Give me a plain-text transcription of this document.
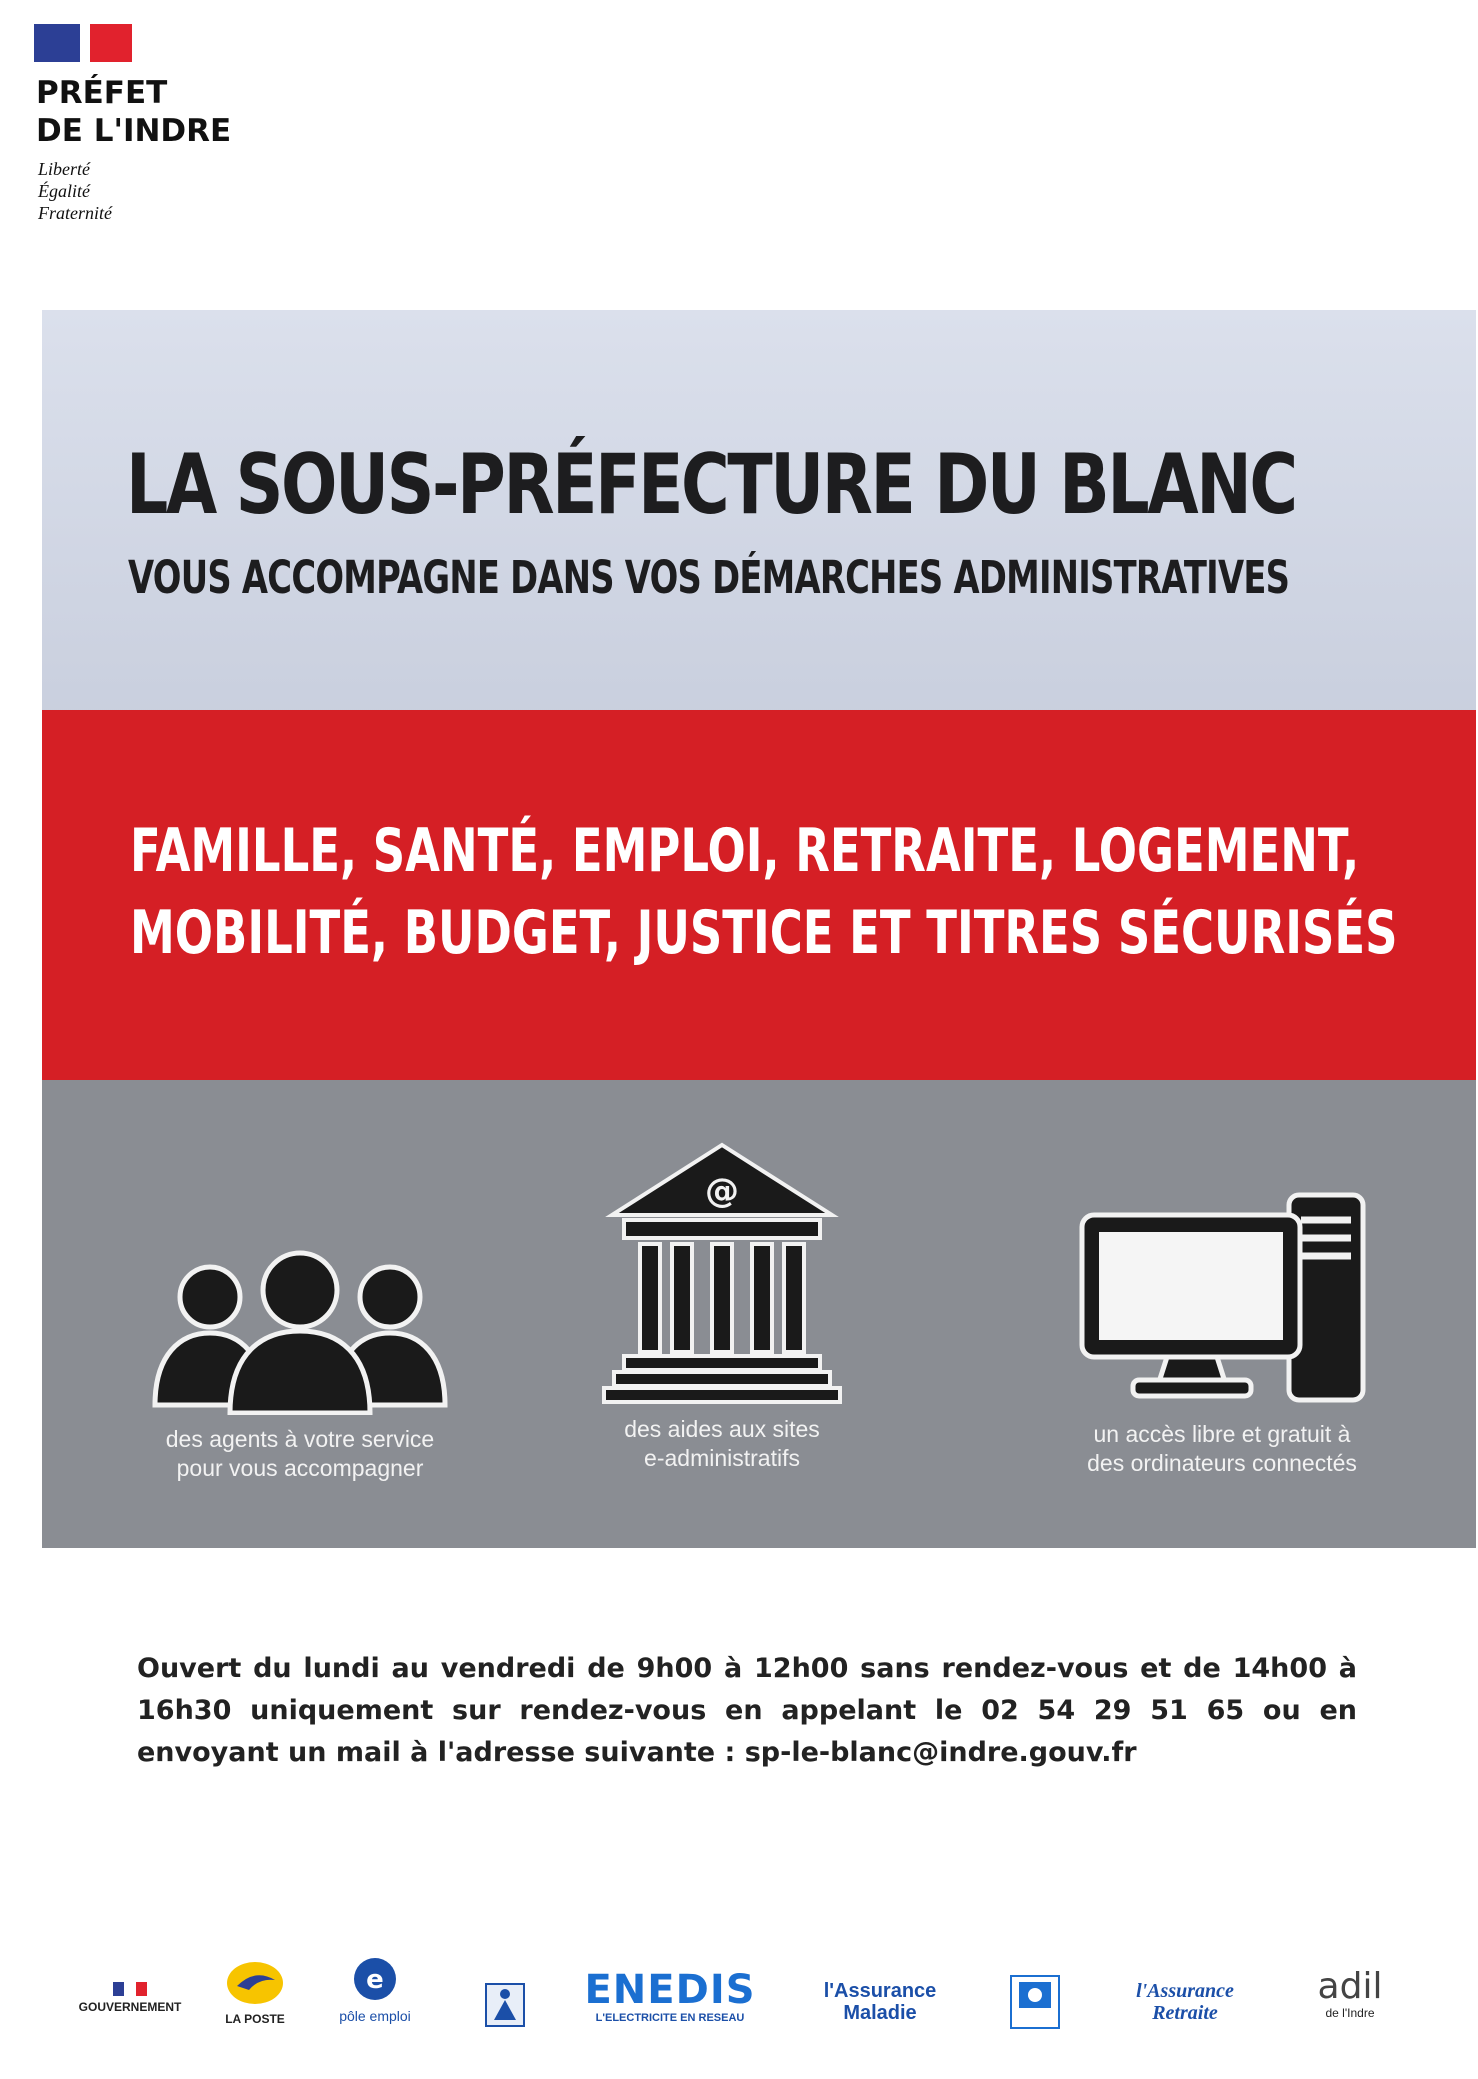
PRÉFET
DE L'INDRE
Liberté
Égalité
Fraternité
LA SOUS-PRÉFECTURE DU BLANC
VOUS ACCOMPAGNE DANS VOS DÉMARCHES ADMINISTRATIVES
FAMILLE, SANTÉ, EMPLOI, RETRAITE, LOGEMENT,
MOBILITÉ, BUDGET, JUSTICE ET TITRES SÉCURISÉS
des agents à votre service
pour vous accompagner
@
des aides aux sites
e-administratifs
un accès libre et gratuit à
des ordinateurs connectés
Ouvert du lundi au vendredi de 9h00 à 12h00 sans rendez-vous et de 14h00 à 16h30 uniquement sur rendez-vous en appelant le 02 54 29 51 65 ou en envoyant un mail à l'adresse suivante : sp-le-blanc@indre.gouv.fr
GOUVERNEMENT
LA POSTE
e
pôle emploi
ENEDIS
L'ELECTRICITE EN RESEAU
l'Assurance Maladie
l'Assurance Retraite
adil
de l'Indre
